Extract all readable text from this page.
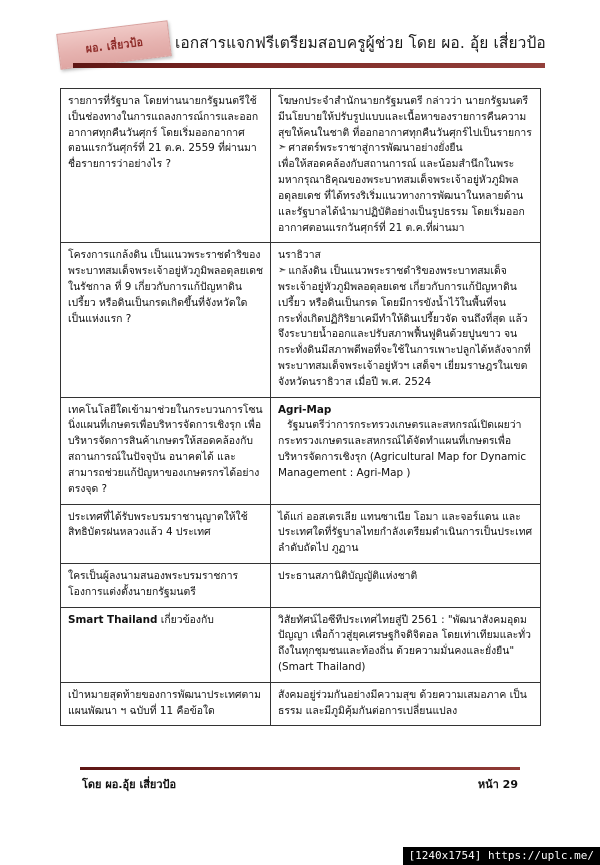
ผอ. เสี่ยวป้อ เอกสารแจกฟรีเตรียมสอบครูผู้ช่วย โดย ผอ. อุ้ย เสี่ยวป้อ
รายการที่รัฐบาล โดยท่านนายกรัฐมนตรีใช้เป็นช่องทางในการแถลงการณ์การและออกอากาศทุกคืนวันศุกร์ โดยเริ่มออกอากาศตอนแรกวันศุกร์ที่ 21 ต.ค. 2559 ที่ผ่านมา ชื่อรายการว่าอย่างไร ?	โฆษกประจำสำนักนายกรัฐมนตรี กล่าวว่า นายกรัฐมนตรีมีนโยบายให้ปรับรูปแบบและเนื้อหาของรายการคืนความสุขให้คนในชาติ ที่ออกอากาศทุกคืนวันศุกร์ไปเป็นรายการ
➣ ศาสตร์พระราชาสู่การพัฒนาอย่างยั่งยืน
เพื่อให้สอดคล้องกับสถานการณ์ และน้อมสำนึกในพระมหากรุณาธิคุณของพระบาทสมเด็จพระเจ้าอยู่หัวภูมิพลอดุลยเดช ที่ได้ทรงริเริ่มแนวทางการพัฒนาในหลายด้าน และรัฐบาลได้นำมาปฏิบัติอย่างเป็นรูปธรรม โดยเริ่มออกอากาศตอนแรกวันศุกร์ที่ 21 ต.ค.ที่ผ่านมา

โครงการแกล้งดิน เป็นแนวพระราชดำริของพระบาทสมเด็จพระเจ้าอยู่หัวภูมิพลอดุลยเดช ในรัชกาล ที่ 9 เกี่ยวกับการแก้ปัญหาดินเปรี้ยว หรือดินเป็นกรดเกิดขึ้นที่จังหวัดใดเป็นแห่งแรก ?	นราธิวาส
➣ แกล้งดิน เป็นแนวพระราชดำริของพระบาทสมเด็จพระเจ้าอยู่หัวภูมิพลอดุลยเดช เกี่ยวกับการแก้ปัญหาดินเปรี้ยว หรือดินเป็นกรด โดยมีการขังน้ำไว้ในพื้นที่จนกระทั่งเกิดปฏิกิริยาเคมีทำให้ดินเปรี้ยวจัด จนถึงที่สุด แล้วจึงระบายน้ำออกและปรับสภาพฟื้นฟูดินด้วยปูนขาว จนกระทั่งดินมีสภาพดีพอที่จะใช้ในการเพาะปลูกได้หลังจากที่พระบาทสมเด็จพระเจ้าอยู่หัวฯ เสด็จฯ เยี่ยมราษฎรในเขตจังหวัดนราธิวาส เมื่อปี พ.ศ. 2524

เทคโนโลยีใดเข้ามาช่วยในกระบวนการโซนนิ่งแผนที่เกษตรเพื่อบริหารจัดการเชิงรุก เพื่อบริหารจัดการสินค้าเกษตรให้สอดคล้องกับสถานการณ์ในปัจจุบัน อนาคตได้ และสามารถช่วยแก้ปัญหาของเกษตรกรได้อย่างตรงจุด ?	Agri-Map
รัฐมนตรีว่าการกระทรวงเกษตรและสหกรณ์เปิดเผยว่า กระทรวงเกษตรและสหกรณ์ได้จัดทำแผนที่เกษตรเพื่อบริหารจัดการเชิงรุก (Agricultural Map for Dynamic Management : Agri-Map )

ประเทศที่ได้รับพระบรมราชานุญาตให้ใช้สิทธิบัตรฝนหลวงแล้ว 4 ประเทศ	ได้แก่ ออสเตรเลีย แทนซาเนีย โอมา และจอร์แดน และประเทศใดที่รัฐบาลไทยกำลังเตรียมดำเนินการเป็นประเทศลำดับถัดไป ภูฏาน

ใครเป็นผู้ลงนามสนองพระบรมราชการโองการแต่งตั้งนายกรัฐมนตรี	ประธานสภานิติบัญญัติแห่งชาติ

Smart Thailand เกี่ยวข้องกับ	วิสัยทัศน์ไอซีทีประเทศไทยสู่ปี 2561 : "พัฒนาสังคมอุดมปัญญา เพื่อก้าวสู่ยุคเศรษฐกิจดิจิตอล โดยเท่าเทียมและทั่วถึงในทุกชุมชนและท้องถิ่น ด้วยความมั่นคงและยั่งยืน" (Smart Thailand)

เป้าหมายสุดท้ายของการพัฒนาประเทศตามแผนพัฒนา ฯ ฉบับที่ 11 คือข้อใด	สังคมอยู่ร่วมกันอย่างมีความสุข ด้วยความเสมอภาค เป็นธรรม และมีภูมิคุ้มกันต่อการเปลี่ยนแปลง
โดย ผอ.อุ้ย เสี่ยวป้อ	หน้า 29
[1240x1754] https://uplc.me/
